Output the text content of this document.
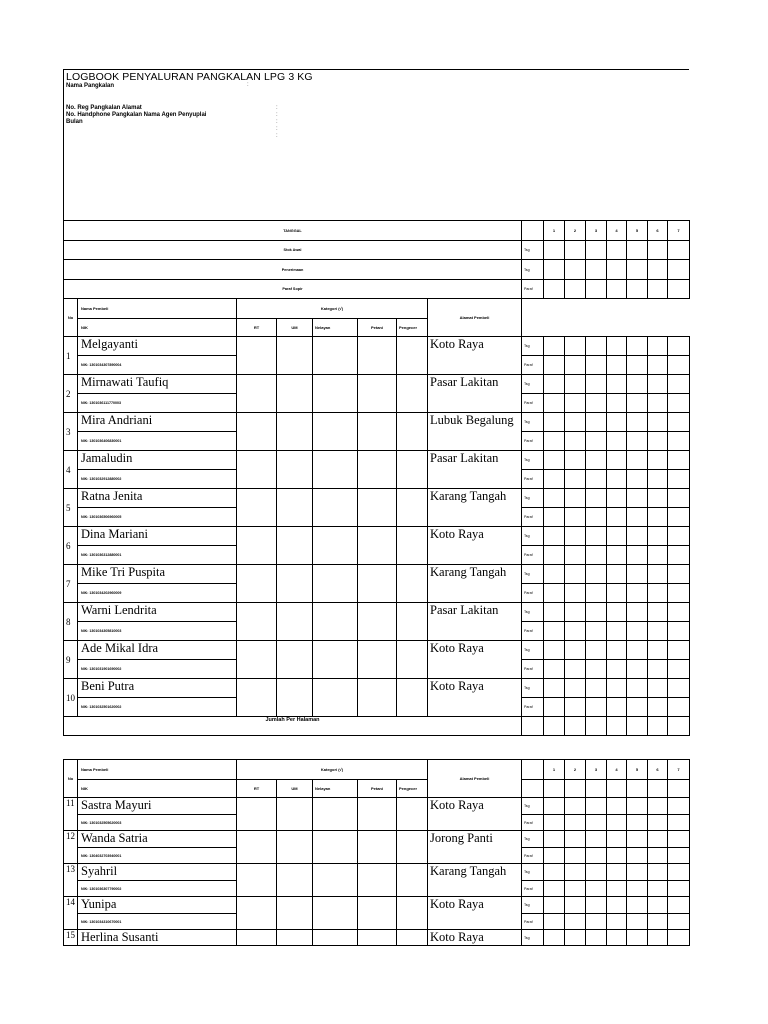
LOGBOOK PENYALURAN PANGKALAN LPG 3 KG
Nama Pangkalan	:
No. Reg Pangkalan Alamat	:
No. Handphone Pangkalan Nama Agen Penyuplai	:
Bulan	:
:
:
TANGGAL									1	2	3	4	5	6	7
Stok Awal								Tsg							
Penerimaan								Tsg							
Paraf Sopir								Paraf							
No	Nama Pembeli	Kategori (√)					Alamat Pembeli								
	NIK	RT	UM	Nelayan	Petani	Pengecer									
1	Melgayanti						Koto Raya	Tsg							
	NIK: 1301034307890004							Paraf							
2	Mirnawati Taufiq						Pasar Lakitan	Tsg							
	NIK: 1301036111770003							Paraf							
3	Mira Andriani						Lubuk Begalung	Tsg							
	NIK: 1301036406830001							Paraf							
4	Jamaludin						Pasar Lakitan	Tsg							
	NIK: 1301032912880002							Paraf							
5	Ratna Jenita						Karang Tangah	Tsg							
	NIK: 1301036506960005							Paraf							
6	Dina Mariani						Koto Raya	Tsg							
	NIK: 1301036312880001							Paraf							
7	Mike Tri Puspita						Karang Tangah	Tsg							
	NIK: 1301034202960009							Paraf							
8	Warni Lendrita						Pasar Lakitan	Tsg							
	NIK: 1301034305810003							Paraf							
9	Ade Mikal Idra						Koto Raya	Tsg							
	NIK: 1301031901690002							Paraf							
10	Beni Putra						Koto Raya	Tsg							
	NIK: 1301032501620002							Paraf							
Jumlah Per Halaman															
No	Nama Pembeli	Kategori (√)					Alamat Pembeli		1	2	3	4	5	6	7
	NIK	RT	UM	Nelayan	Petani	Pengecer									
11	Sastra Mayuri						Koto Raya	Tsg							
	NIK: 1301032505620003							Paraf							
12	Wanda Satria						Jorong Panti	Tsg							
	NIK: 1304032703940001							Paraf							
13	Syahril						Karang Tangah	Tsg							
	NIK: 1301036307790002							Paraf							
14	Yunipa						Koto Raya	Tsg							
	NIK: 1301034310670001							Paraf							
15	Herlina Susanti						Koto Raya	Tsg							
